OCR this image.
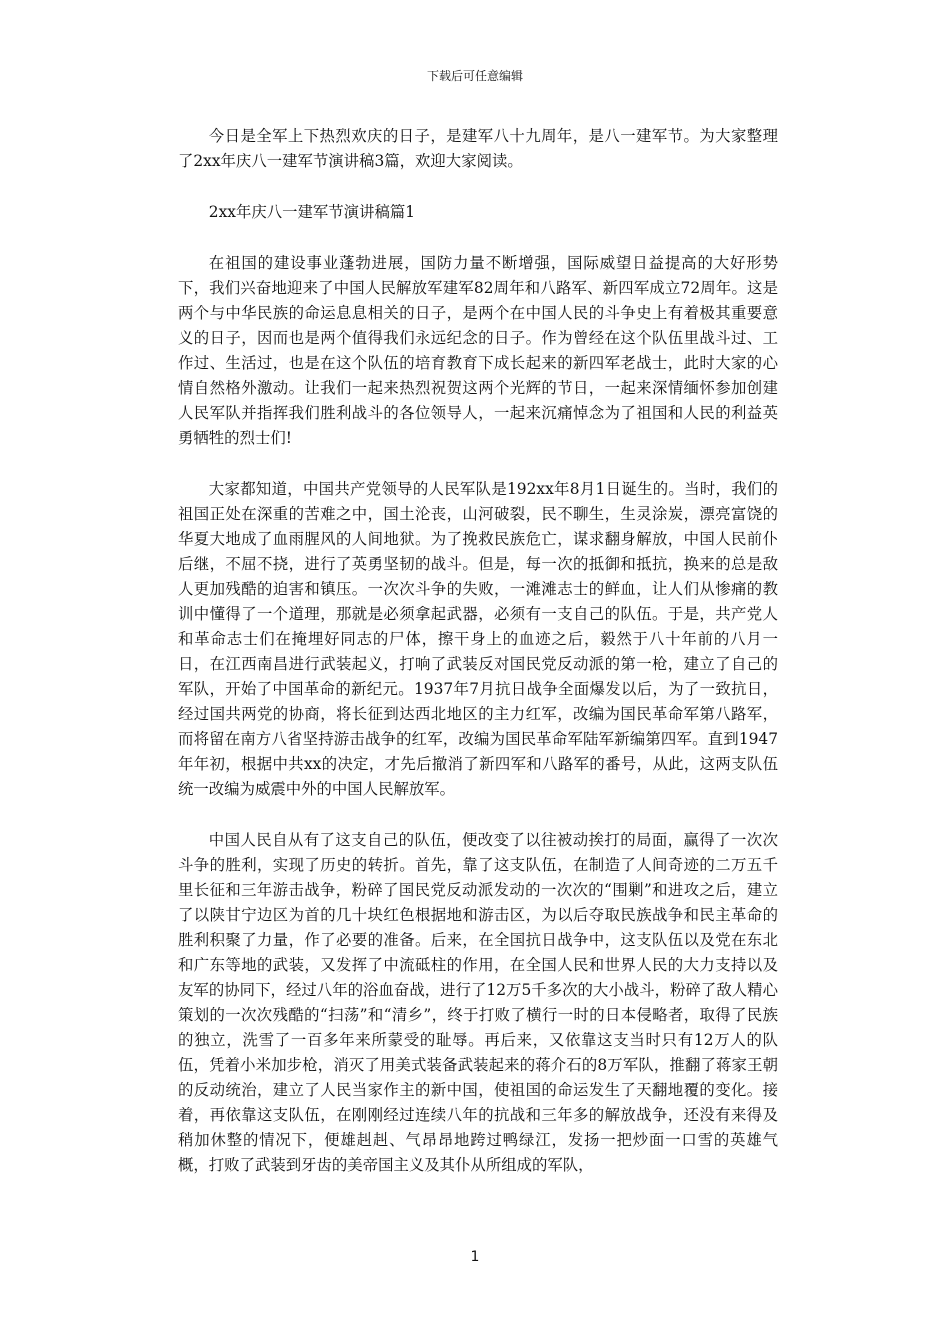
下载后可任意编辑

今日是全军上下热烈欢庆的日子，是建军八十九周年，是八一建军节。为大家整理了2xx年庆八一建军节演讲稿3篇，欢迎大家阅读。

2xx年庆八一建军节演讲稿篇1

在祖国的建设事业蓬勃进展，国防力量不断增强，国际威望日益提高的大好形势下，我们兴奋地迎来了中国人民解放军建军82周年和八路军、新四军成立72周年。这是两个与中华民族的命运息息相关的日子，是两个在中国人民的斗争史上有着极其重要意义的日子，因而也是两个值得我们永远纪念的日子。作为曾经在这个队伍里战斗过、工作过、生活过，也是在这个队伍的培育教育下成长起来的新四军老战士，此时大家的心情自然格外激动。让我们一起来热烈祝贺这两个光辉的节日，一起来深情缅怀参加创建人民军队并指挥我们胜利战斗的各位领导人，一起来沉痛悼念为了祖国和人民的利益英勇牺牲的烈士们!

大家都知道，中国共产党领导的人民军队是192xx年8月1日诞生的。当时，我们的祖国正处在深重的苦难之中，国土沦丧，山河破裂，民不聊生，生灵涂炭，漂亮富饶的华夏大地成了血雨腥风的人间地狱。为了挽救民族危亡，谋求翻身解放，中国人民前仆后继，不屈不挠，进行了英勇坚韧的战斗。但是，每一次的抵御和抵抗，换来的总是敌人更加残酷的迫害和镇压。一次次斗争的失败，一滩滩志士的鲜血，让人们从惨痛的教训中懂得了一个道理，那就是必须拿起武器，必须有一支自己的队伍。于是，共产党人和革命志士们在掩埋好同志的尸体，擦干身上的血迹之后，毅然于八十年前的八月一日，在江西南昌进行武装起义，打响了武装反对国民党反动派的第一枪，建立了自己的军队，开始了中国革命的新纪元。1937年7月抗日战争全面爆发以后，为了一致抗日，经过国共两党的协商，将长征到达西北地区的主力红军，改编为国民革命军第八路军，而将留在南方八省坚持游击战争的红军，改编为国民革命军陆军新编第四军。直到1947年年初，根据中共xx的决定，才先后撤消了新四军和八路军的番号，从此，这两支队伍统一改编为威震中外的中国人民解放军。

中国人民自从有了这支自己的队伍，便改变了以往被动挨打的局面，赢得了一次次斗争的胜利，实现了历史的转折。首先，靠了这支队伍，在制造了人间奇迹的二万五千里长征和三年游击战争，粉碎了国民党反动派发动的一次次的“围剿”和进攻之后，建立了以陕甘宁边区为首的几十块红色根据地和游击区，为以后夺取民族战争和民主革命的胜利积聚了力量，作了必要的准备。后来，在全国抗日战争中，这支队伍以及党在东北和广东等地的武装，又发挥了中流砥柱的作用，在全国人民和世界人民的大力支持以及友军的协同下，经过八年的浴血奋战，进行了12万5千多次的大小战斗，粉碎了敌人精心策划的一次次残酷的“扫荡”和“清乡”，终于打败了横行一时的日本侵略者，取得了民族的独立，洗雪了一百多年来所蒙受的耻辱。再后来，又依靠这支当时只有12万人的队伍，凭着小米加步枪，消灭了用美式装备武装起来的蒋介石的8万军队，推翻了蒋家王朝的反动统治，建立了人民当家作主的新中国，使祖国的命运发生了天翻地覆的变化。接着，再依靠这支队伍，在刚刚经过连续八年的抗战和三年多的解放战争，还没有来得及稍加休整的情况下，便雄赳赳、气昂昂地跨过鸭绿江，发扬一把炒面一口雪的英雄气概，打败了武装到牙齿的美帝国主义及其仆从所组成的军队，

1
